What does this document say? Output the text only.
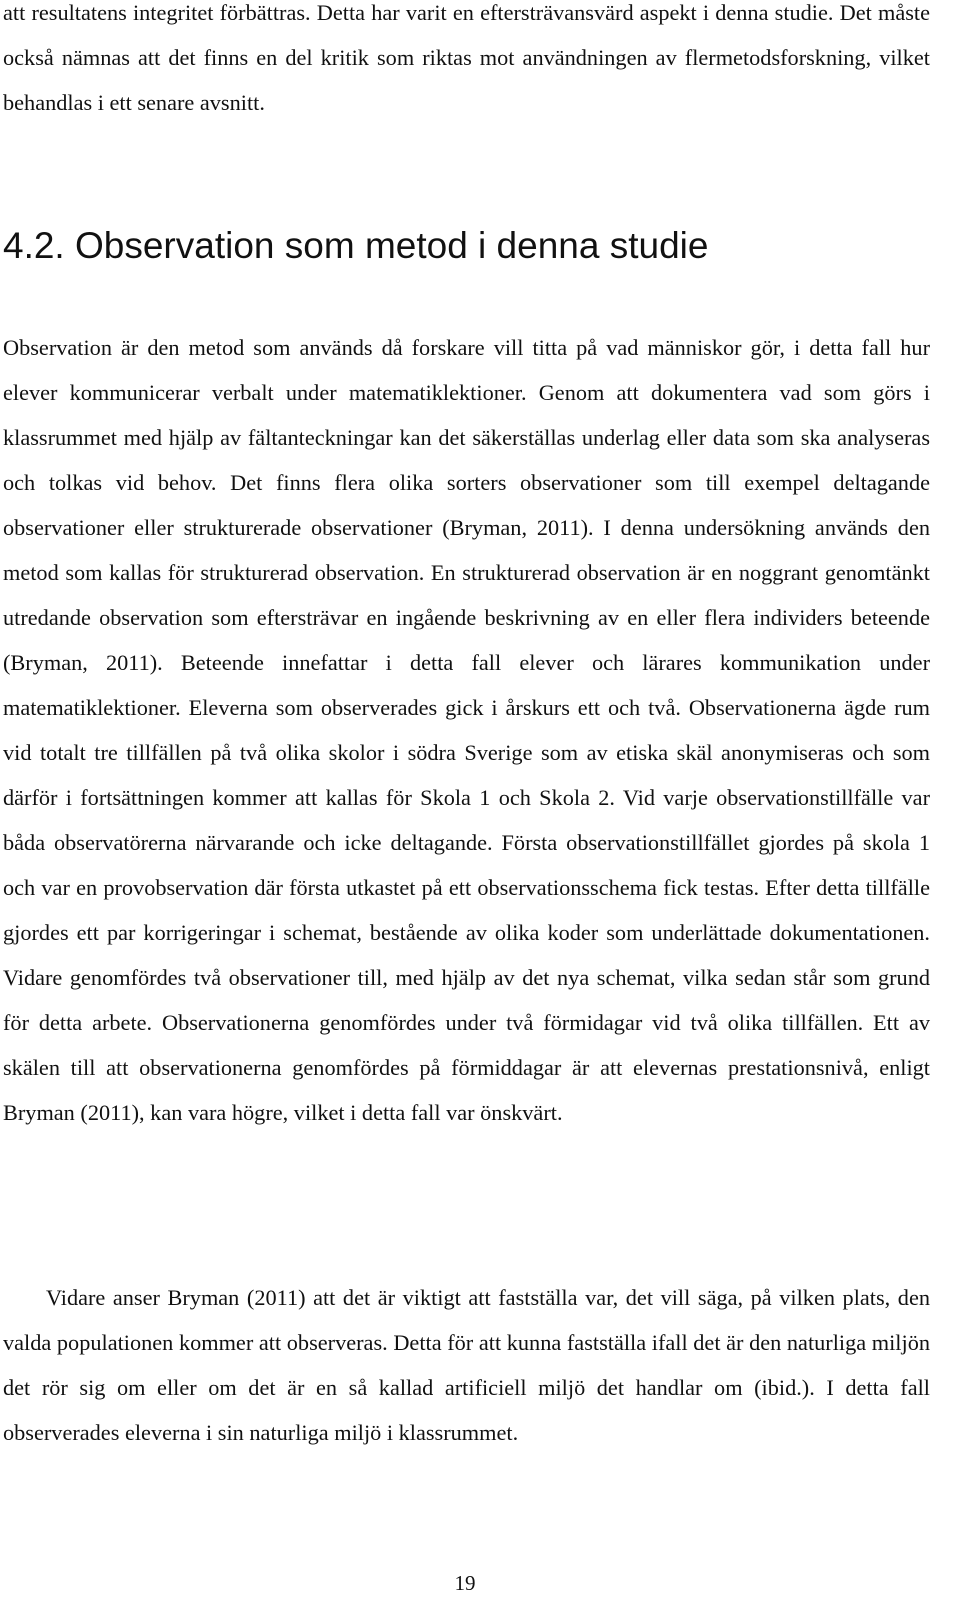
att resultatens integritet förbättras. Detta har varit en eftersträvansvärd aspekt i denna studie. Det måste också nämnas att det finns en del kritik som riktas mot användningen av flermetodsforskning, vilket behandlas i ett senare avsnitt.

4.2. Observation som metod i denna studie

Observation är den metod som används då forskare vill titta på vad människor gör, i detta fall hur elever kommunicerar verbalt under matematiklektioner. Genom att dokumentera vad som görs i klassrummet med hjälp av fältanteckningar kan det säkerställas underlag eller data som ska analyseras och tolkas vid behov. Det finns flera olika sorters observationer som till exempel deltagande observationer eller strukturerade observationer (Bryman, 2011). I denna undersökning används den metod som kallas för strukturerad observation. En strukturerad observation är en noggrant genomtänkt utredande observation som eftersträvar en ingående beskrivning av en eller flera individers beteende (Bryman, 2011). Beteende innefattar i detta fall elever och lärares kommunikation under matematiklektioner. Eleverna som observerades gick i årskurs ett och två. Observationerna ägde rum vid totalt tre tillfällen på två olika skolor i södra Sverige som av etiska skäl anonymiseras och som därför i fortsättningen kommer att kallas för Skola 1 och Skola 2. Vid varje observationstillfälle var båda observatörerna närvarande och icke deltagande. Första observationstillfället gjordes på skola 1 och var en provobservation där första utkastet på ett observationsschema fick testas. Efter detta tillfälle gjordes ett par korrigeringar i schemat, bestående av olika koder som underlättade dokumentationen. Vidare genomfördes två observationer till, med hjälp av det nya schemat, vilka sedan står som grund för detta arbete. Observationerna genomfördes under två förmidagar vid två olika tillfällen. Ett av skälen till att observationerna genomfördes på förmiddagar är att elevernas prestationsnivå, enligt Bryman (2011), kan vara högre, vilket i detta fall var önskvärt.

Vidare anser Bryman (2011) att det är viktigt att fastställa var, det vill säga, på vilken plats, den valda populationen kommer att observeras. Detta för att kunna fastställa ifall det är den naturliga miljön det rör sig om eller om det är en så kallad artificiell miljö det handlar om (ibid.). I detta fall observerades eleverna i sin naturliga miljö i klassrummet.

19
